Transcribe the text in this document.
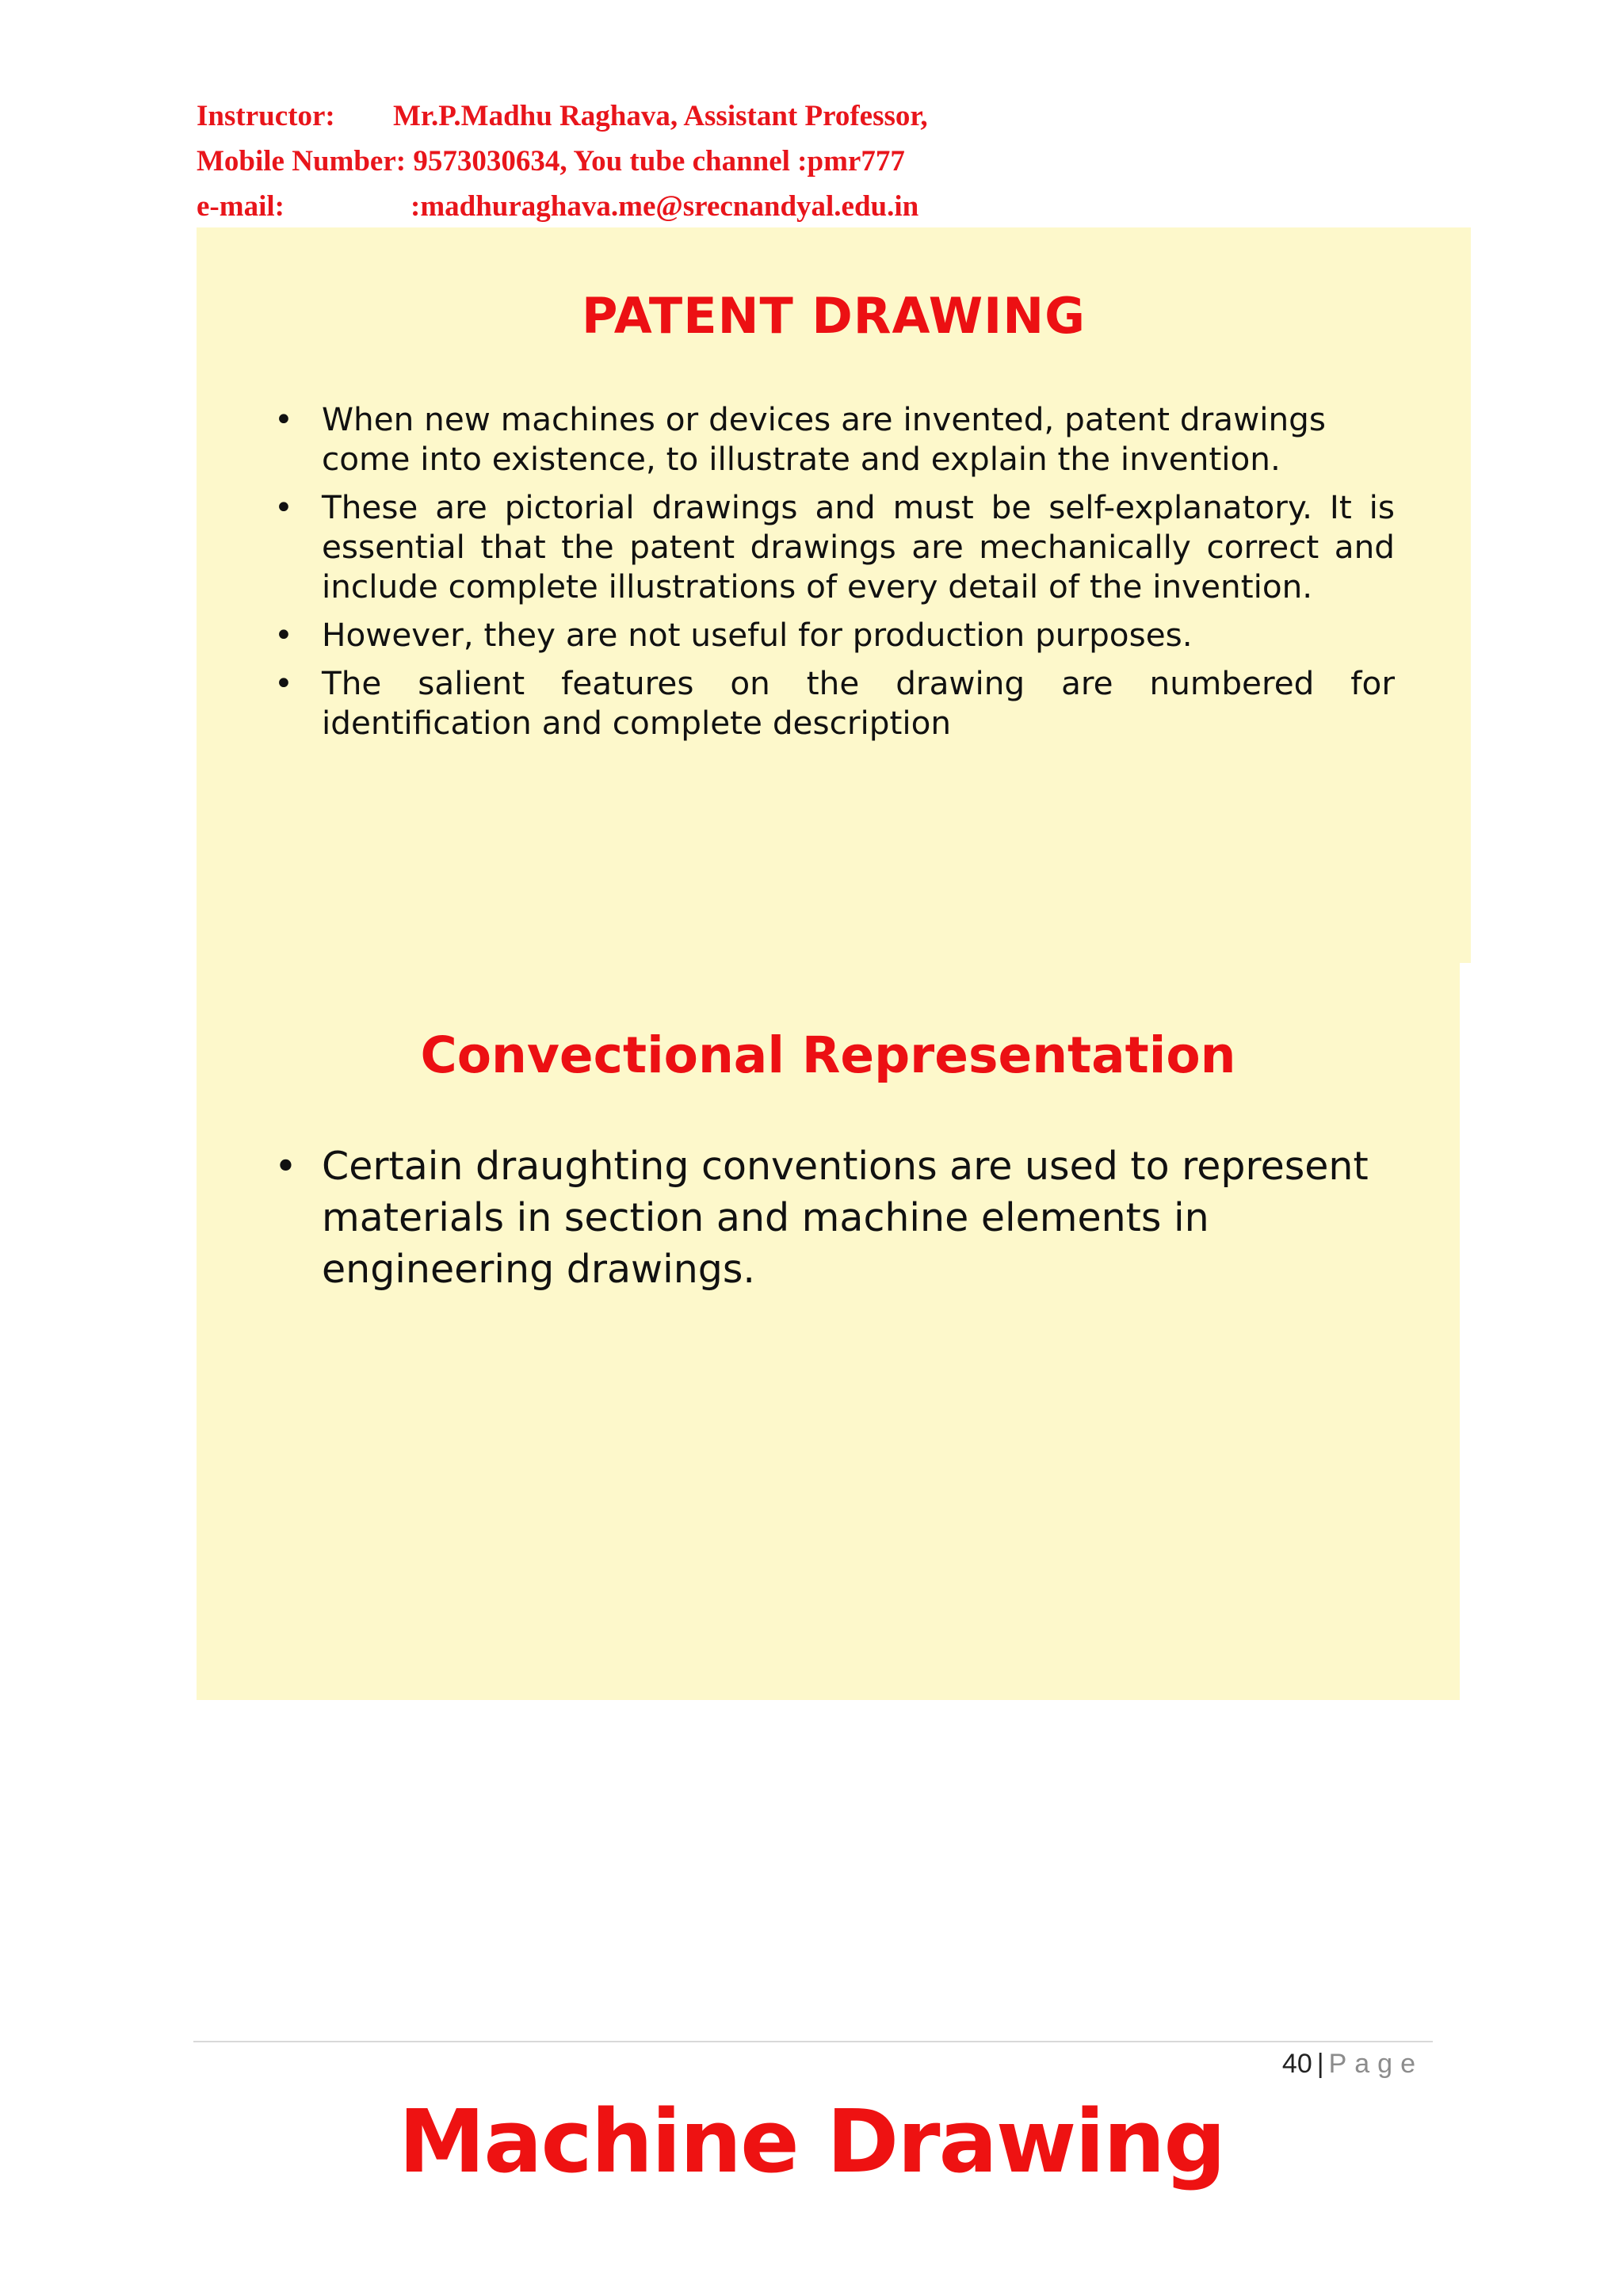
Instructor:	Mr.P.Madhu Raghava, Assistant Professor,
Mobile Number: 9573030634, You tube channel :pmr777
e-mail:	:madhuraghava.me@srecnandyal.edu.in
PATENT DRAWING
• When new machines or devices are invented, patent drawings come into existence, to illustrate and explain the invention.
• These are pictorial drawings and must be self-explanatory. It is essential that the patent drawings are mechanically correct and include complete illustrations of every detail of the invention.
• However, they are not useful for production purposes.
• The salient features on the drawing are numbered for identification and complete description
Convectional Representation
• Certain draughting conventions are used to represent materials in section and machine elements in engineering drawings.
40 | Page
Machine Drawing
